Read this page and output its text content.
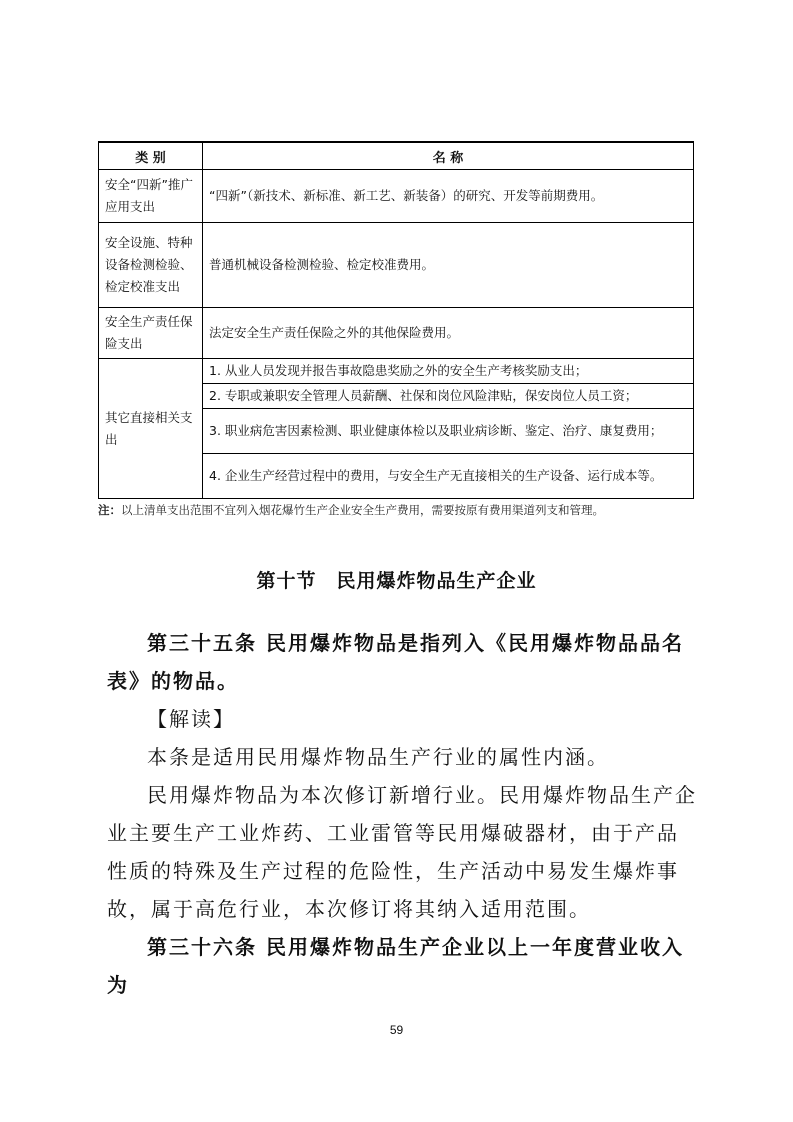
类 别	名 称
安全“四新”推广应用支出	“四新”（新技术、新标准、新工艺、新装备）的研究、开发等前期费用。
安全设施、特种设备检测检验、检定校准支出	普通机械设备检测检验、检定校准费用。
安全生产责任保险支出	法定安全生产责任保险之外的其他保险费用。
其它直接相关支出	1. 从业人员发现并报告事故隐患奖励之外的安全生产考核奖励支出；
	2. 专职或兼职安全管理人员薪酬、社保和岗位风险津贴，保安岗位人员工资；
	3. 职业病危害因素检测、职业健康体检以及职业病诊断、鉴定、治疗、康复费用；
	4. 企业生产经营过程中的费用，与安全生产无直接相关的生产设备、运行成本等。
注：以上清单支出范围不宜列入烟花爆竹生产企业安全生产费用，需要按原有费用渠道列支和管理。
第十节　民用爆炸物品生产企业
第三十五条 民用爆炸物品是指列入《民用爆炸物品品名表》的物品。
【解读】
本条是适用民用爆炸物品生产行业的属性内涵。
民用爆炸物品为本次修订新增行业。民用爆炸物品生产企业主要生产工业炸药、工业雷管等民用爆破器材，由于产品性质的特殊及生产过程的危险性，生产活动中易发生爆炸事故，属于高危行业，本次修订将其纳入适用范围。
第三十六条 民用爆炸物品生产企业以上一年度营业收入为
59
